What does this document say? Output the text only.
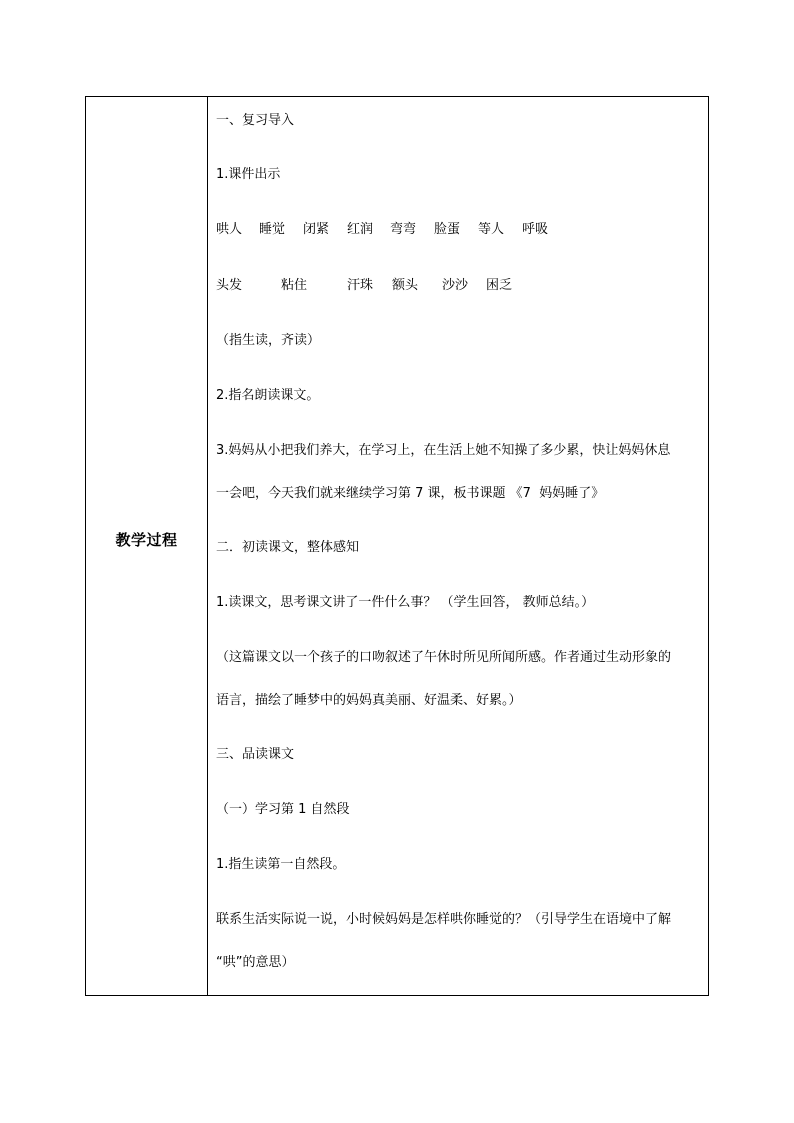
教学过程
一、复习导入
1.课件出示

哄人

睡觉

闭紧

红润

弯弯

脸蛋

等人

呼吸

头发

	粘住

	汗珠

额头

沙沙

困乏

（指生读，齐读）
2.指名朗读课文。
3.妈妈从小把我们养大，在学习上，在生活上她不知操了多少累，快让妈妈休息
一会吧，今天我们就来继续学习第 7 课，板书课题 《7  妈妈睡了》
二．初读课文，整体感知
1.读课文，思考课文讲了一件什么事？ （学生回答， 教师总结。）
（这篇课文以一个孩子的口吻叙述了午休时所见所闻所感。作者通过生动形象的
语言，描绘了睡梦中的妈妈真美丽、好温柔、好累。）
三、品读课文
（一）学习第 1 自然段
1.指生读第一自然段。
联系生活实际说一说，小时候妈妈是怎样哄你睡觉的？（引导学生在语境中了解
“哄”的意思）
